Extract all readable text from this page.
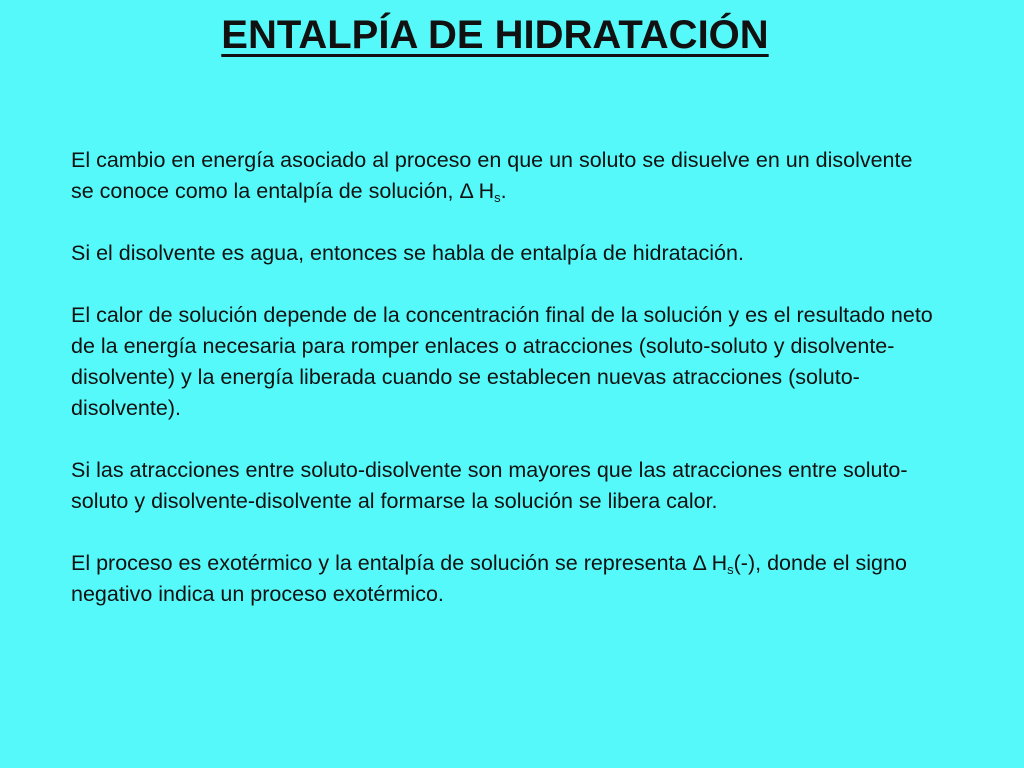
ENTALPÍA DE HIDRATACIÓN

El cambio en energía asociado al proceso en que un soluto se disuelve en un disolvente se conoce como la entalpía de solución, Δ $H_s$.

Si el disolvente es agua, entonces se habla de entalpía de hidratación.

El calor de solución depende de la concentración final de la solución y es el resultado neto de la energía necesaria para romper enlaces o atracciones (soluto-soluto y disolvente-disolvente) y la energía liberada cuando se establecen nuevas atracciones (soluto-disolvente).

Si las atracciones entre soluto-disolvente son mayores que las atracciones entre soluto-soluto y disolvente-disolvente al formarse la solución se libera calor.

El proceso es exotérmico y la entalpía de solución se representa Δ $H_s(-)$, donde el signo negativo indica un proceso exotérmico.
